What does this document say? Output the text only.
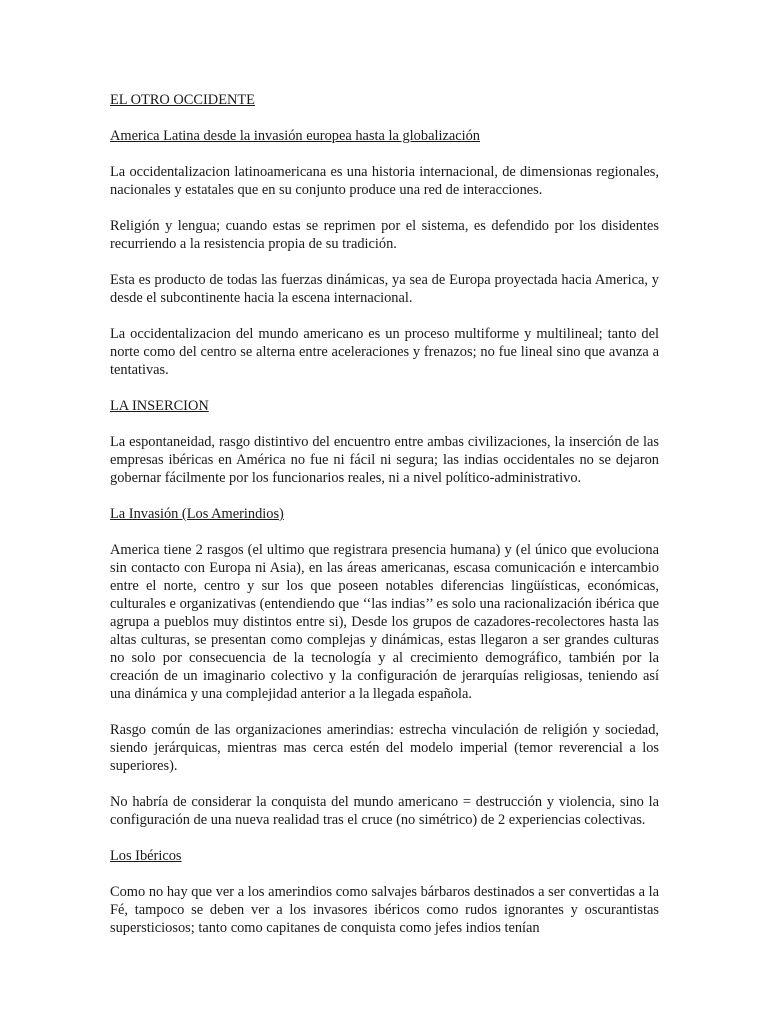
EL OTRO OCCIDENTE

America Latina desde la invasión europea hasta la globalización

La occidentalizacion latinoamericana es una historia internacional, de dimensionas regionales, nacionales y estatales que en su conjunto produce una red de interacciones.

Religión y lengua; cuando estas se reprimen por el sistema, es defendido por los disidentes recurriendo a la resistencia propia de su tradición.

Esta es producto de todas las fuerzas dinámicas, ya sea de Europa proyectada hacia America, y desde el subcontinente hacia la escena internacional.

La occidentalizacion del mundo americano es un proceso multiforme y multilineal; tanto del norte como del centro se alterna entre aceleraciones y frenazos; no fue lineal sino que avanza a tentativas.

LA INSERCION

La espontaneidad, rasgo distintivo del encuentro entre ambas civilizaciones, la inserción de las empresas ibéricas en América no fue ni fácil ni segura; las indias occidentales no se dejaron gobernar fácilmente por los funcionarios reales, ni a nivel político-administrativo.

La Invasión (Los Amerindios)

America tiene 2 rasgos (el ultimo que registrara presencia humana) y (el único que evoluciona sin contacto con Europa ni Asia), en las áreas americanas, escasa comunicación e intercambio entre el norte, centro y sur los que poseen notables diferencias lingüísticas, económicas, culturales e organizativas (entendiendo que ‘‘las indias’’ es solo una racionalización ibérica que agrupa a pueblos muy distintos entre si), Desde los grupos de cazadores-recolectores hasta las altas culturas, se presentan como complejas y dinámicas, estas llegaron a ser grandes culturas no solo por consecuencia de la tecnología y al crecimiento demográfico, también por la creación de un imaginario colectivo y la configuración de jerarquías religiosas, teniendo así una dinámica y una complejidad anterior a la llegada española.

Rasgo común de las organizaciones amerindias: estrecha vinculación de religión y sociedad, siendo jerárquicas, mientras mas cerca estén del modelo imperial (temor reverencial a los superiores).

No habría de considerar la conquista del mundo americano = destrucción y violencia, sino la configuración de una nueva realidad tras el cruce (no simétrico) de 2 experiencias colectivas.

Los Ibéricos

Como no hay que ver a los amerindios como salvajes bárbaros destinados a ser convertidas a la Fé, tampoco se deben ver a los invasores ibéricos como rudos ignorantes y oscurantistas supersticiosos; tanto como capitanes de conquista como jefes indios tenían
